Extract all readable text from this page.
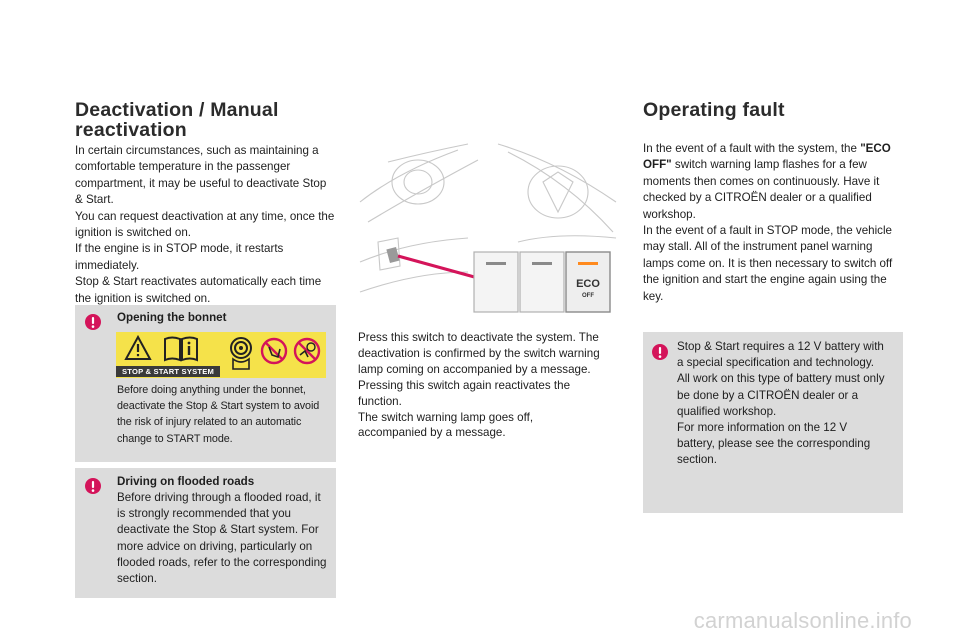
Deactivation / Manual
reactivation

In certain circumstances, such as maintaining a comfortable temperature in the passenger compartment, it may be useful to deactivate Stop & Start.

You can request deactivation at any time, once the ignition is switched on.

If the engine is in STOP mode, it restarts immediately.

Stop & Start reactivates automatically each time the ignition is switched on.

Opening the bonnet
STOP & START SYSTEM
Before doing anything under the bonnet, deactivate the Stop & Start system to avoid the risk of injury related to an automatic change to START mode.
Driving on flooded roads
Before driving through a flooded road, it is strongly recommended that you deactivate the Stop & Start system. For more advice on driving, particularly on flooded roads, refer to the corresponding section.
ECO
OFF

Press this switch to deactivate the system. The deactivation is confirmed by the switch warning lamp coming on accompanied by a message.

Pressing this switch again reactivates the function.

The switch warning lamp goes off, accompanied by a message.

Operating fault

In the event of a fault with the system, the "ECO OFF" switch warning lamp flashes for a few moments then comes on continuously. Have it checked by a CITROËN dealer or a qualified workshop.

In the event of a fault in STOP mode, the vehicle may stall. All of the instrument panel warning lamps come on. It is then necessary to switch off the ignition and start the engine again using the key.

Stop & Start requires a 12 V battery with a special specification and technology.

All work on this type of battery must only be done by a CITROËN dealer or a qualified workshop.

For more information on the 12 V battery, please see the corresponding section.

carmanualsonline.info
